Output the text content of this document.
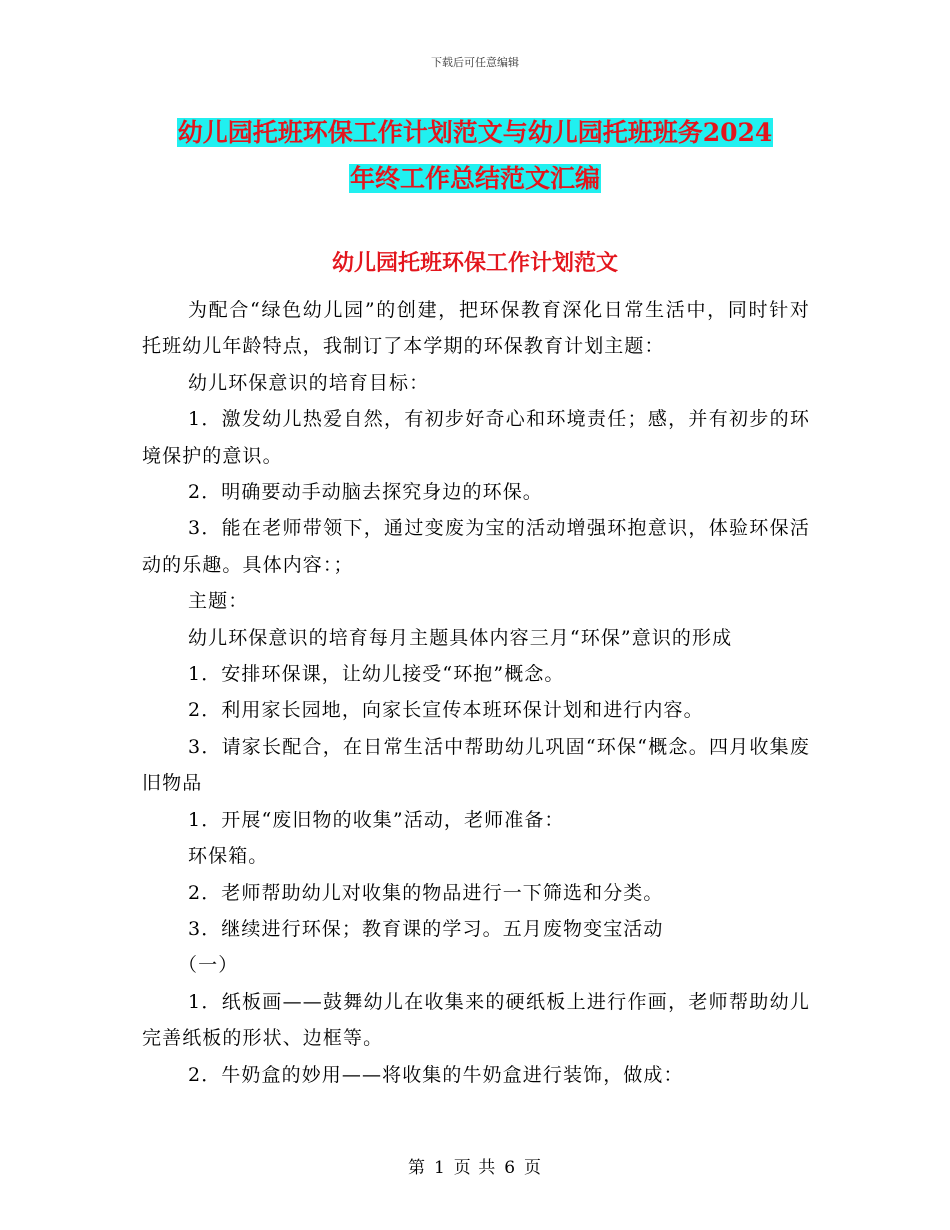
下载后可任意编辑
幼儿园托班环保工作计划范文与幼儿园托班班务2024
年终工作总结范文汇编
幼儿园托班环保工作计划范文

为配合“绿色幼儿园”的创建，把环保教育深化日常生活中，同时针对托班幼儿年龄特点，我制订了本学期的环保教育计划主题：

幼儿环保意识的培育目标：

1．激发幼儿热爱自然，有初步好奇心和环境责任；感，并有初步的环境保护的意识。

2．明确要动手动脑去探究身边的环保。

3．能在老师带领下，通过变废为宝的活动增强环抱意识，体验环保活动的乐趣。具体内容：；

主题：

幼儿环保意识的培育每月主题具体内容三月“环保”意识的形成

1．安排环保课，让幼儿接受“环抱”概念。

2．利用家长园地，向家长宣传本班环保计划和进行内容。

3．请家长配合，在日常生活中帮助幼儿巩固“环保“概念。四月收集废旧物品

1．开展“废旧物的收集”活动，老师准备：

环保箱。

2．老师帮助幼儿对收集的物品进行一下筛选和分类。

3．继续进行环保；教育课的学习。五月废物变宝活动

（一）

1．纸板画——鼓舞幼儿在收集来的硬纸板上进行作画，老师帮助幼儿完善纸板的形状、边框等。

2．牛奶盒的妙用——将收集的牛奶盒进行装饰，做成：

第 1 页 共 6 页
